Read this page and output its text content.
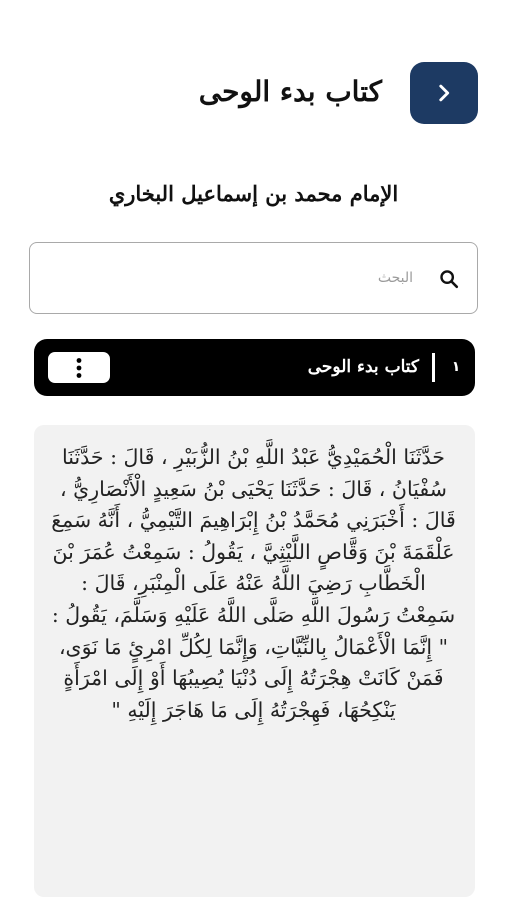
كتاب بدء الوحى
الإمام محمد بن إسماعيل البخاري
البحث
١
كتاب بدء الوحى
حَدَّثَنَا الْحُمَيْدِيُّ عَبْدُ اللَّهِ بْنُ الزُّبَيْرِ ، قَالَ : حَدَّثَنَا سُفْيَانُ ، قَالَ : حَدَّثَنَا يَحْيَى بْنُ سَعِيدٍ الْأَنْصَارِيُّ ، قَالَ : أَخْبَرَنِي مُحَمَّدُ بْنُ إِبْرَاهِيمَ التَّيْمِيُّ ، أَنَّهُ سَمِعَ عَلْقَمَةَ بْنَ وَقَّاصٍ اللَّيْثِيَّ ، يَقُولُ : سَمِعْتُ عُمَرَ بْنَ الْخَطَّابِ رَضِيَ اللَّهُ عَنْهُ عَلَى الْمِنْبَرِ، قَالَ : سَمِعْتُ رَسُولَ اللَّهِ صَلَّى اللَّهُ عَلَيْهِ وَسَلَّمَ، يَقُولُ : " إِنَّمَا الْأَعْمَالُ بِالنِّيَّاتِ، وَإِنَّمَا لِكُلِّ امْرِئٍ مَا نَوَى، فَمَنْ كَانَتْ هِجْرَتُهُ إِلَى دُنْيَا يُصِيبُهَا أَوْ إِلَى امْرَأَةٍ يَنْكِحُهَا، فَهِجْرَتُهُ إِلَى مَا هَاجَرَ إِلَيْهِ "
